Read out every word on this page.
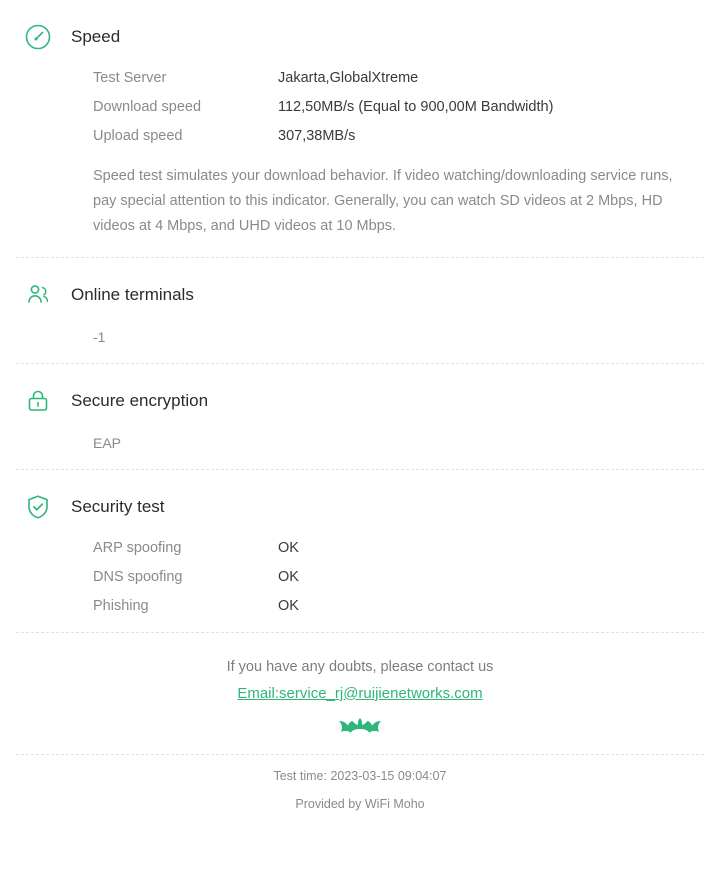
Speed
Test Server	Jakarta,GlobalXtreme
Download speed	112,50MB/s (Equal to 900,00M Bandwidth)
Upload speed	307,38MB/s
Speed test simulates your download behavior. If video watching/downloading service runs, pay special attention to this indicator. Generally, you can watch SD videos at 2 Mbps, HD videos at 4 Mbps, and UHD videos at 10 Mbps.
Online terminals
-1
Secure encryption
EAP
Security test
ARP spoofing	OK
DNS spoofing	OK
Phishing	OK
If you have any doubts, please contact us
Email:service_rj@ruijienetworks.com
Test time: 2023-03-15 09:04:07
Provided by WiFi Moho
